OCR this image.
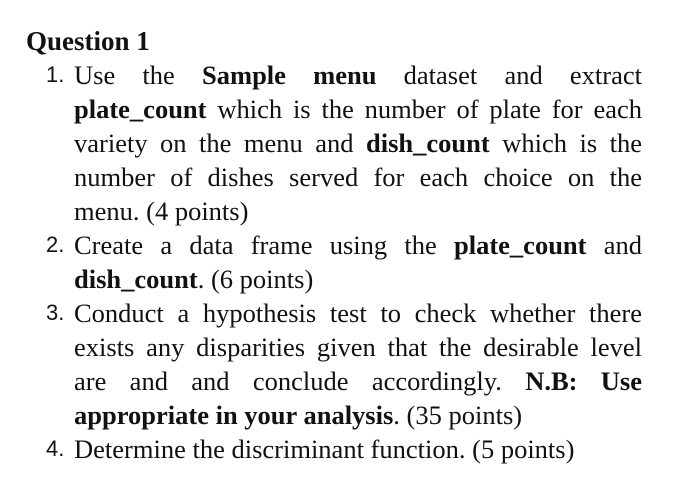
Question 1
1. Use the Sample menu dataset and extract plate_count which is the number of plate for each variety on the menu and dish_count which is the number of dishes served for each choice on the menu. (4 points)
2. Create a data frame using the plate_count and dish_count. (6 points)
3. Conduct a hypothesis test to check whether there exists any disparities given that the desirable level are and and conclude accordingly. N.B: Use appropriate in your analysis. (35 points)
4. Determine the discriminant function. (5 points)
